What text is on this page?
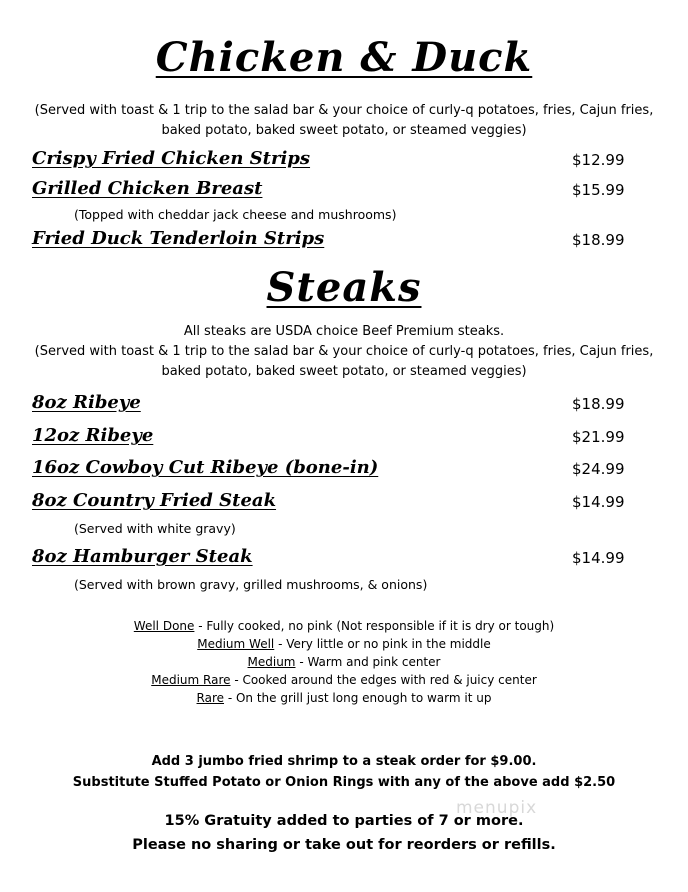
Chicken & Duck
(Served with toast & 1 trip to the salad bar & your choice of curly-q potatoes, fries, Cajun fries, baked potato, baked sweet potato, or steamed veggies)
Crispy Fried Chicken Strips	$12.99
Grilled Chicken Breast	$15.99
(Topped with cheddar jack cheese and mushrooms)
Fried Duck Tenderloin Strips	$18.99
Steaks
All steaks are USDA choice Beef Premium steaks.
(Served with toast & 1 trip to the salad bar & your choice of curly-q potatoes, fries, Cajun fries, baked potato, baked sweet potato, or steamed veggies)
8oz Ribeye	$18.99
12oz Ribeye	$21.99
16oz Cowboy Cut Ribeye (bone-in)	$24.99
8oz Country Fried Steak	$14.99
(Served with white gravy)
8oz Hamburger Steak	$14.99
(Served with brown gravy, grilled mushrooms, & onions)
Well Done - Fully cooked, no pink (Not responsible if it is dry or tough)
Medium Well - Very little or no pink in the middle
Medium - Warm and pink center
Medium Rare - Cooked around the edges with red & juicy center
Rare - On the grill just long enough to warm it up
Add 3 jumbo fried shrimp to a steak order for $9.00.
Substitute Stuffed Potato or Onion Rings with any of the above add $2.50
menupix
15% Gratuity added to parties of 7 or more.
Please no sharing or take out for reorders or refills.
